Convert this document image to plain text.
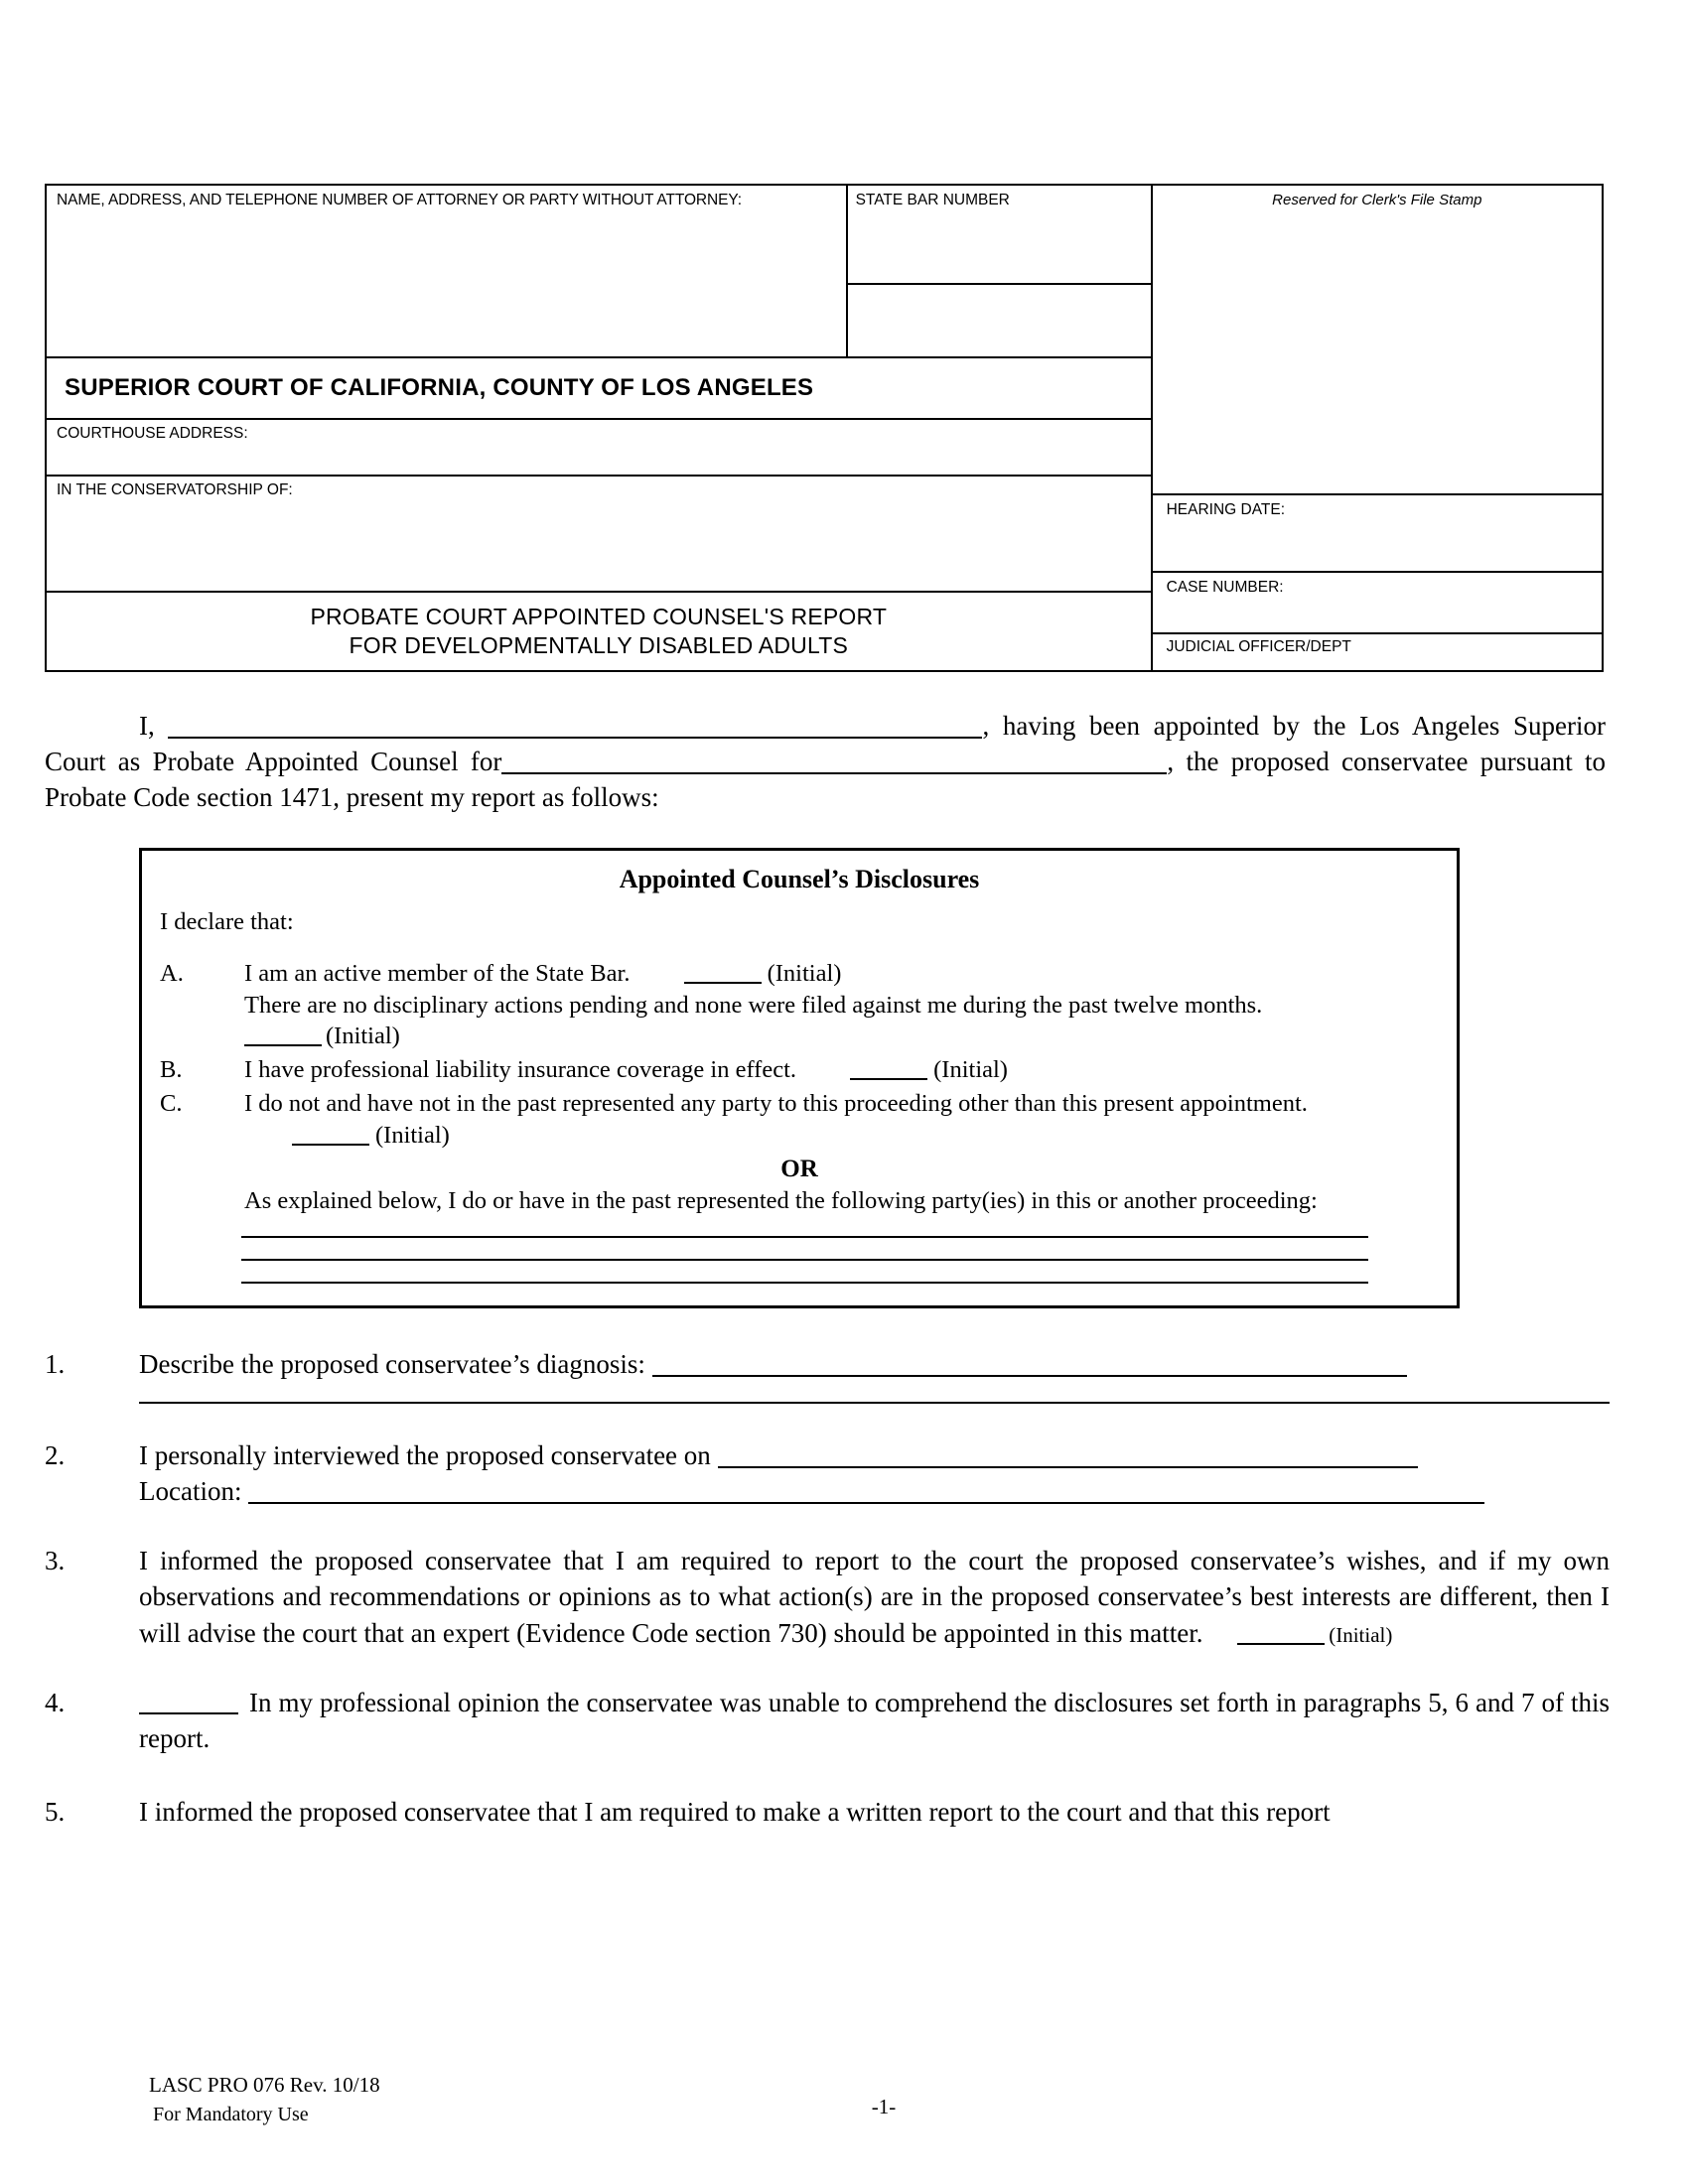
NAME, ADDRESS, AND TELEPHONE NUMBER OF ATTORNEY OR PARTY WITHOUT ATTORNEY:	STATE BAR NUMBER
SUPERIOR COURT OF CALIFORNIA, COUNTY OF LOS ANGELES
COURTHOUSE ADDRESS:
IN THE CONSERVATORSHIP OF:
PROBATE COURT APPOINTED COUNSEL'S REPORT
FOR DEVELOPMENTALLY DISABLED ADULTS
Reserved for Clerk's File Stamp
HEARING DATE:
CASE NUMBER:
JUDICIAL OFFICER/DEPT
I,	, having been appointed by the Los Angeles Superior Court as Probate Appointed Counsel for	, the proposed conservatee pursuant to Probate Code section 1471, present my report as follows:
Appointed Counsel’s Disclosures
I declare that:
A.	I am an active member of the State Bar.	(Initial)
There are no disciplinary actions pending and none were filed against me during the past twelve months.
(Initial)
B.	I have professional liability insurance coverage in effect.	(Initial)
C.	I do not and have not in the past represented any party to this proceeding other than this present appointment.
(Initial)
OR
As explained below, I do or have in the past represented the following party(ies) in this or another proceeding:
1.	Describe the proposed conservatee’s diagnosis:
2.	I personally interviewed the proposed conservatee on
Location:
3.	I informed the proposed conservatee that I am required to report to the court the proposed conservatee’s wishes, and if my own observations and recommendations or opinions as to what action(s) are in the proposed conservatee’s best interests are different, then I will advise the court that an expert (Evidence Code section 730) should be appointed in this matter.	(Initial)
4.	In my professional opinion the conservatee was unable to comprehend the disclosures set forth in paragraphs 5, 6 and 7 of this report.
5.	I informed the proposed conservatee that I am required to make a written report to the court and that this report
LASC PRO 076 Rev. 10/18
For Mandatory Use	-1-
